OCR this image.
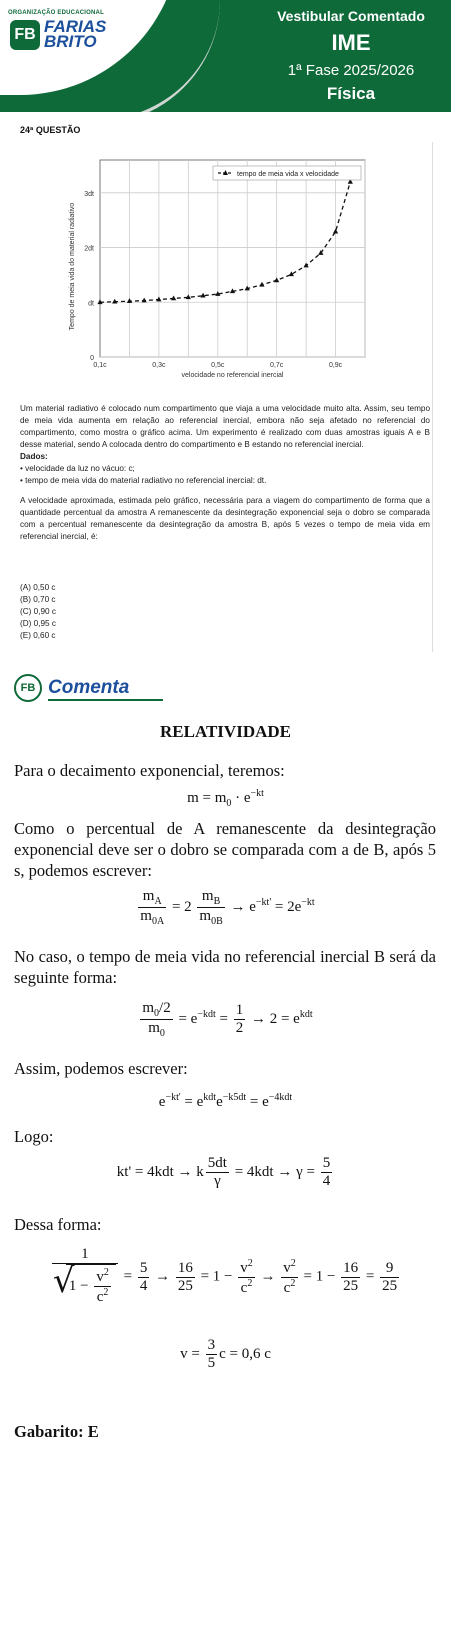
ORGANIZAÇÃO EDUCACIONAL
FB FARIAS
BRITO
Vestibular Comentado
IME
1ª Fase 2025/2026
Física
24ª QUESTÃO
0,1c	0,3c	0,5c	0,7c	0,9c
0
dt
2dt
3dt
velocidade no referencial inercial
Tempo de meia vida do material radiativo
tempo de meia vida x velocidade

Um material radiativo é colocado num compartimento que viaja a uma velocidade muito alta. Assim, seu tempo de meia vida aumenta em relação ao referencial inercial, embora não seja afetado no referencial do compartimento, como mostra o gráfico acima. Um experimento é realizado com duas amostras iguais A e B desse material, sendo A colocada dentro do compartimento e B estando no referencial inercial.

Dados:

• velocidade da luz no vácuo: c;

• tempo de meia vida do material radiativo no referencial inercial: dt.

A velocidade aproximada, estimada pelo gráfico, necessária para a viagem do compartimento de forma que a quantidade percentual da amostra A remanescente da desintegração exponencial seja o dobro se comparada com a percentual remanescente da desintegração da amostra B, após 5 vezes o tempo de meia vida em referencial inercial, é:

(A) 0,50 c
(B) 0,70 c
(C) 0,90 c
(D) 0,95 c
(E) 0,60 c
FB Comenta
RELATIVIDADE
Para o decaimento exponencial, teremos:
$m = m_0 \cdot e^{-kt}$
Como o percentual de A remanescente da desintegração exponencial deve ser o dobro se comparada com a de B, após 5 s, podemos escrever:
$\frac{m_A}{m_{0A}} = 2 \frac{m_B}{m_{0B}} \to e^{-kt'} = 2e^{-kt}$
No caso, o tempo de meia vida no referencial inercial B será da seguinte forma:
$\frac{m_0/2}{m_0} = e^{-kdt} = \frac{1}{2} \to 2 = e^{kdt}$
Assim, podemos escrever:
$e^{-kt'} = e^{kdt}e^{-k5dt} = e^{-4kdt}$
Logo:
kt' = 4kdt → k $\frac{5dt}{\gamma} = 4kdt \to \gamma = \frac{5}{4}$
Dessa forma:
1
√ $1 - \frac{v^2}{c^2} = \frac{5}{4} \to \frac{16}{25} = 1 - \frac{v^2}{c^2} \to \frac{v^2}{c^2} = 1 - \frac{16}{25} = \frac{9}{25}$
$v = \frac{3}{5}$ c = 0,6 c
Gabarito: E
